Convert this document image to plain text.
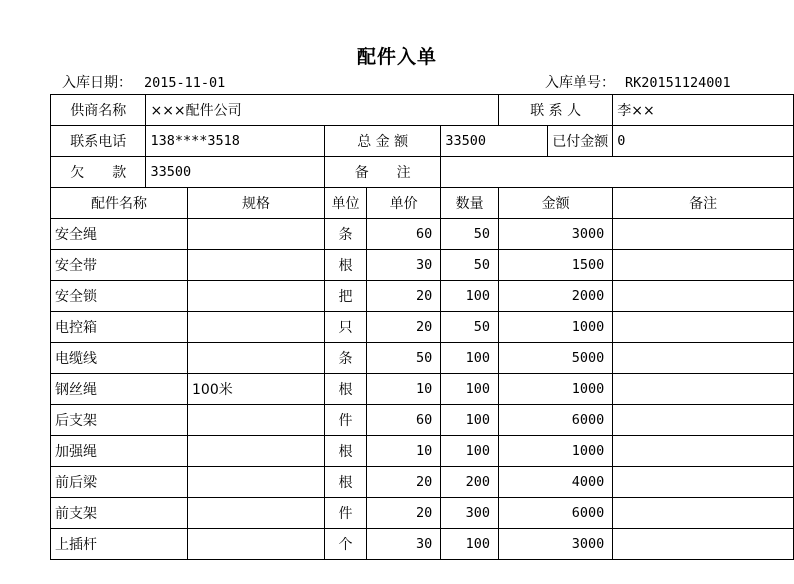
配件入单
入库日期： 2015-11-01	入库单号： RK20151124001
供商名称	×××配件公司					联 系 人		李××
联系电话	138****3518		总 金 额		33500		已付金额	0
欠　　款	33500		备　　注					
配件名称		规格	单位	单价	数量	金额		备注
安全绳			条	60	50	3000		
安全带			根	30	50	1500		
安全锁			把	20	100	2000		
电控箱			只	20	50	1000		
电缆线			条	50	100	5000		
钢丝绳		100米	根	10	100	1000		
后支架			件	60	100	6000		
加强绳			根	10	100	1000		
前后梁			根	20	200	4000		
前支架			件	20	300	6000		
上插杆			个	30	100	3000		
